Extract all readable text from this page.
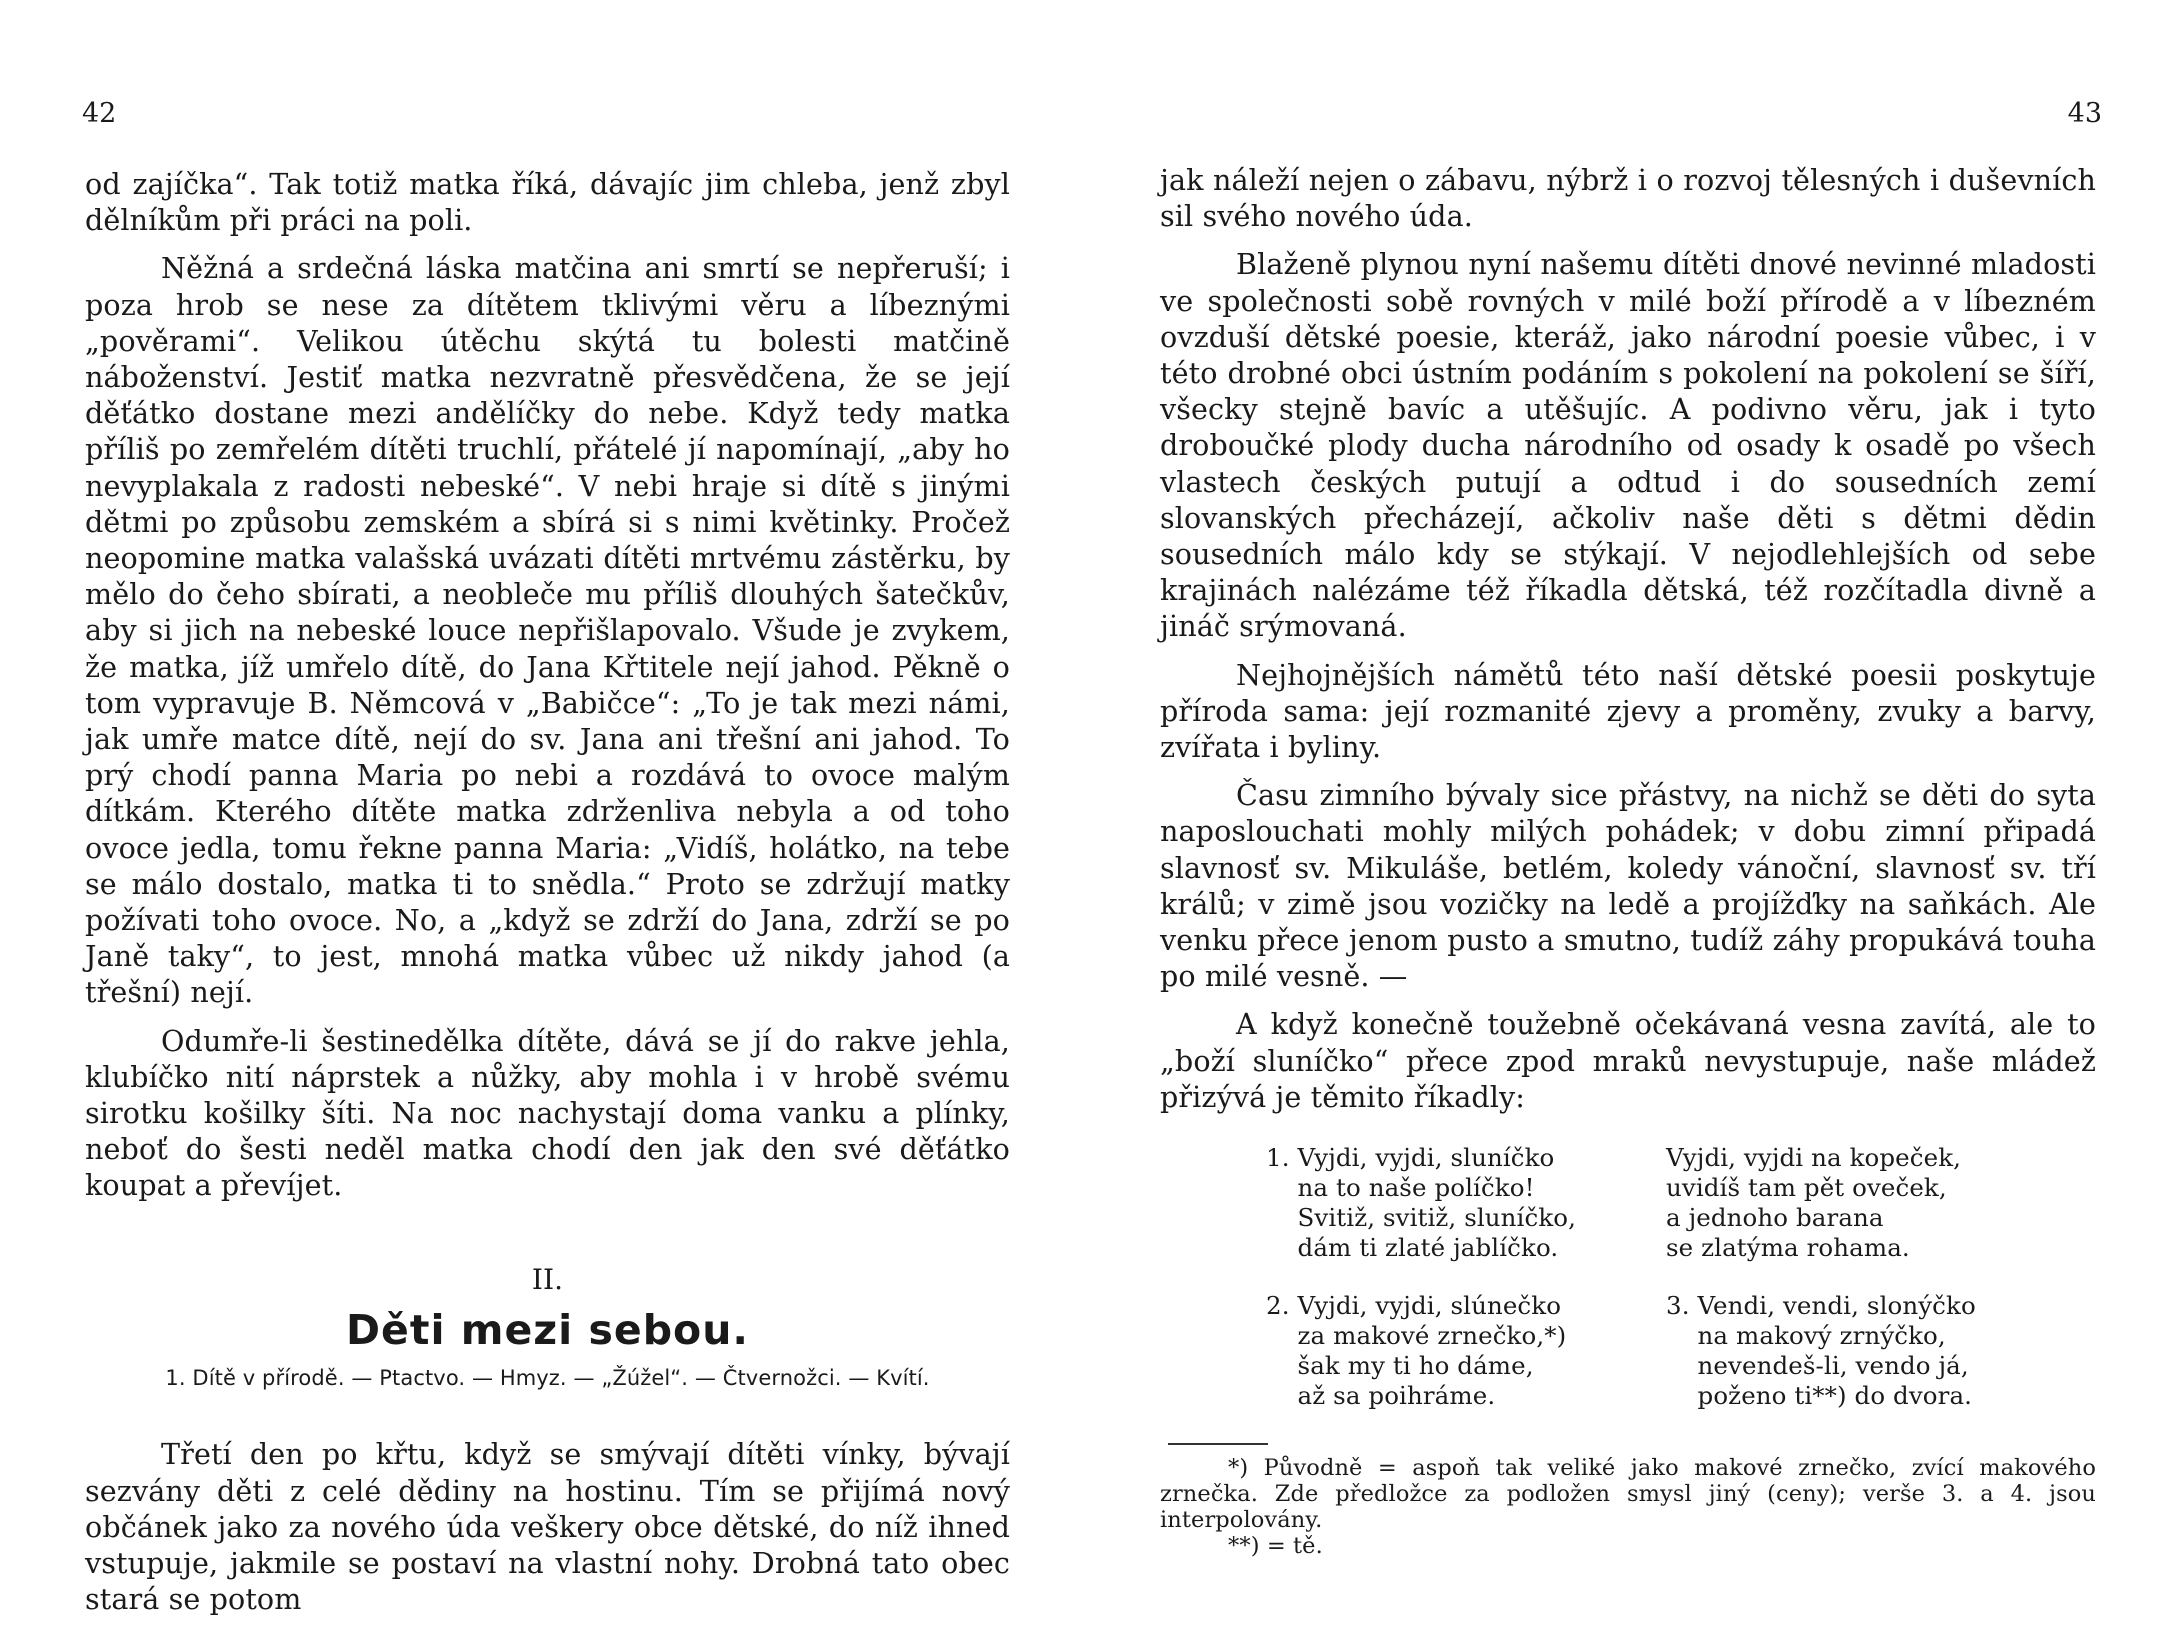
42

od zajíčka“. Tak totiž matka říká, dávajíc jim chleba, jenž zbyl dělníkům při práci na poli.

Něžná a srdečná láska matčina ani smrtí se nepřeruší; i poza hrob se nese za dítětem tklivými věru a líbeznými „pověrami“. Velikou útěchu skýtá tu bolesti matčině náboženství. Jestiť matka nezvratně přesvědčena, že se její děťátko dostane mezi andělíčky do nebe. Když tedy matka příliš po zemřelém dítěti truchlí, přátelé jí napomínají, „aby ho nevyplakala z radosti nebeské“. V nebi hraje si dítě s jinými dětmi po způsobu zemském a sbírá si s nimi květinky. Pročež neopomine matka valašská uvázati dítěti mrtvému zástěrku, by mělo do čeho sbírati, a neobleče mu příliš dlouhých šatečkův, aby si jich na nebeské louce nepřišlapovalo. Všude je zvykem, že matka, jíž umřelo dítě, do Jana Křtitele nejí jahod. Pěkně o tom vypravuje B. Němcová v „Babičce“: „To je tak mezi námi, jak umře matce dítě, nejí do sv. Jana ani třešní ani jahod. To prý chodí panna Maria po nebi a rozdává to ovoce malým dítkám. Kterého dítěte matka zdrženliva nebyla a od toho ovoce jedla, tomu řekne panna Maria: „Vidíš, holátko, na tebe se málo dostalo, matka ti to snědla.“ Proto se zdržují matky požívati toho ovoce. No, a „když se zdrží do Jana, zdrží se po Janě taky“, to jest, mnohá matka vůbec už nikdy jahod (a třešní) nejí.

Odumře-li šestinedělka dítěte, dává se jí do rakve jehla, klubíčko nití náprstek a nůžky, aby mohla i v hrobě svému sirotku košilky šíti. Na noc nachystají doma vanku a plínky, neboť do šesti neděl matka chodí den jak den své děťátko koupat a převíjet.

II.
Děti mezi sebou.
1. Dítě v přírodě. — Ptactvo. — Hmyz. — „Žúžel“. — Čtvernožci. — Kvítí.

Třetí den po křtu, když se smývají dítěti vínky, bývají sezvány děti z celé dědiny na hostinu. Tím se přijímá nový občánek jako za nového úda veškery obce dětské, do níž ihned vstupuje, jakmile se postaví na vlastní nohy. Drobná tato obec stará se potom

43

jak náleží nejen o zábavu, nýbrž i o rozvoj tělesných i duševních sil svého nového úda.

Blaženě plynou nyní našemu dítěti dnové nevinné mladosti ve společnosti sobě rovných v milé boží přírodě a v líbezném ovzduší dětské poesie, kteráž, jako národní poesie vůbec, i v této drobné obci ústním podáním s pokolení na pokolení se šíří, všecky stejně bavíc a utěšujíc. A podivno věru, jak i tyto droboučké plody ducha národního od osady k osadě po všech vlastech českých putují a odtud i do sousedních zemí slovanských přecházejí, ačkoliv naše děti s dětmi dědin sousedních málo kdy se stýkají. V nejodlehlejších od sebe krajinách nalézáme též říkadla dětská, též rozčítadla divně a jináč srýmovaná.

Nejhojnějších námětů této naší dětské poesii poskytuje příroda sama: její rozmanité zjevy a proměny, zvuky a barvy, zvířata i byliny.

Času zimního bývaly sice přástvy, na nichž se děti do syta naposlouchati mohly milých pohádek; v dobu zimní připadá slavnosť sv. Mikuláše, betlém, koledy vánoční, slavnosť sv. tří králů; v zimě jsou vozičky na ledě a projížďky na saňkách. Ale venku přece jenom pusto a smutno, tudíž záhy propukává touha po milé vesně. —

A když konečně toužebně očekávaná vesna zavítá, ale to „boží sluníčko“ přece zpod mraků nevystupuje, naše mládež přizývá je těmito říkadly:

1. Vyjdi, vyjdi, sluníčko
na to naše políčko!
Svitiž, svitiž, sluníčko,
dám ti zlaté jablíčko.
Vyjdi, vyjdi na kopeček,
uvidíš tam pět oveček,
a jednoho barana
se zlatýma rohama.
2. Vyjdi, vyjdi, slúnečko
za makové zrnečko,*)
šak my ti ho dáme,
až sa poihráme.
3. Vendi, vendi, slonýčko
na makový zrnýčko,
nevendeš-li, vendo já,
poženo ti**) do dvora.

*) Původně = aspoň tak veliké jako makové zrnečko, zvící makového zrnečka. Zde předložce za podložen smysl jiný (ceny); verše 3. a 4. jsou interpolovány.

**) = tě.
